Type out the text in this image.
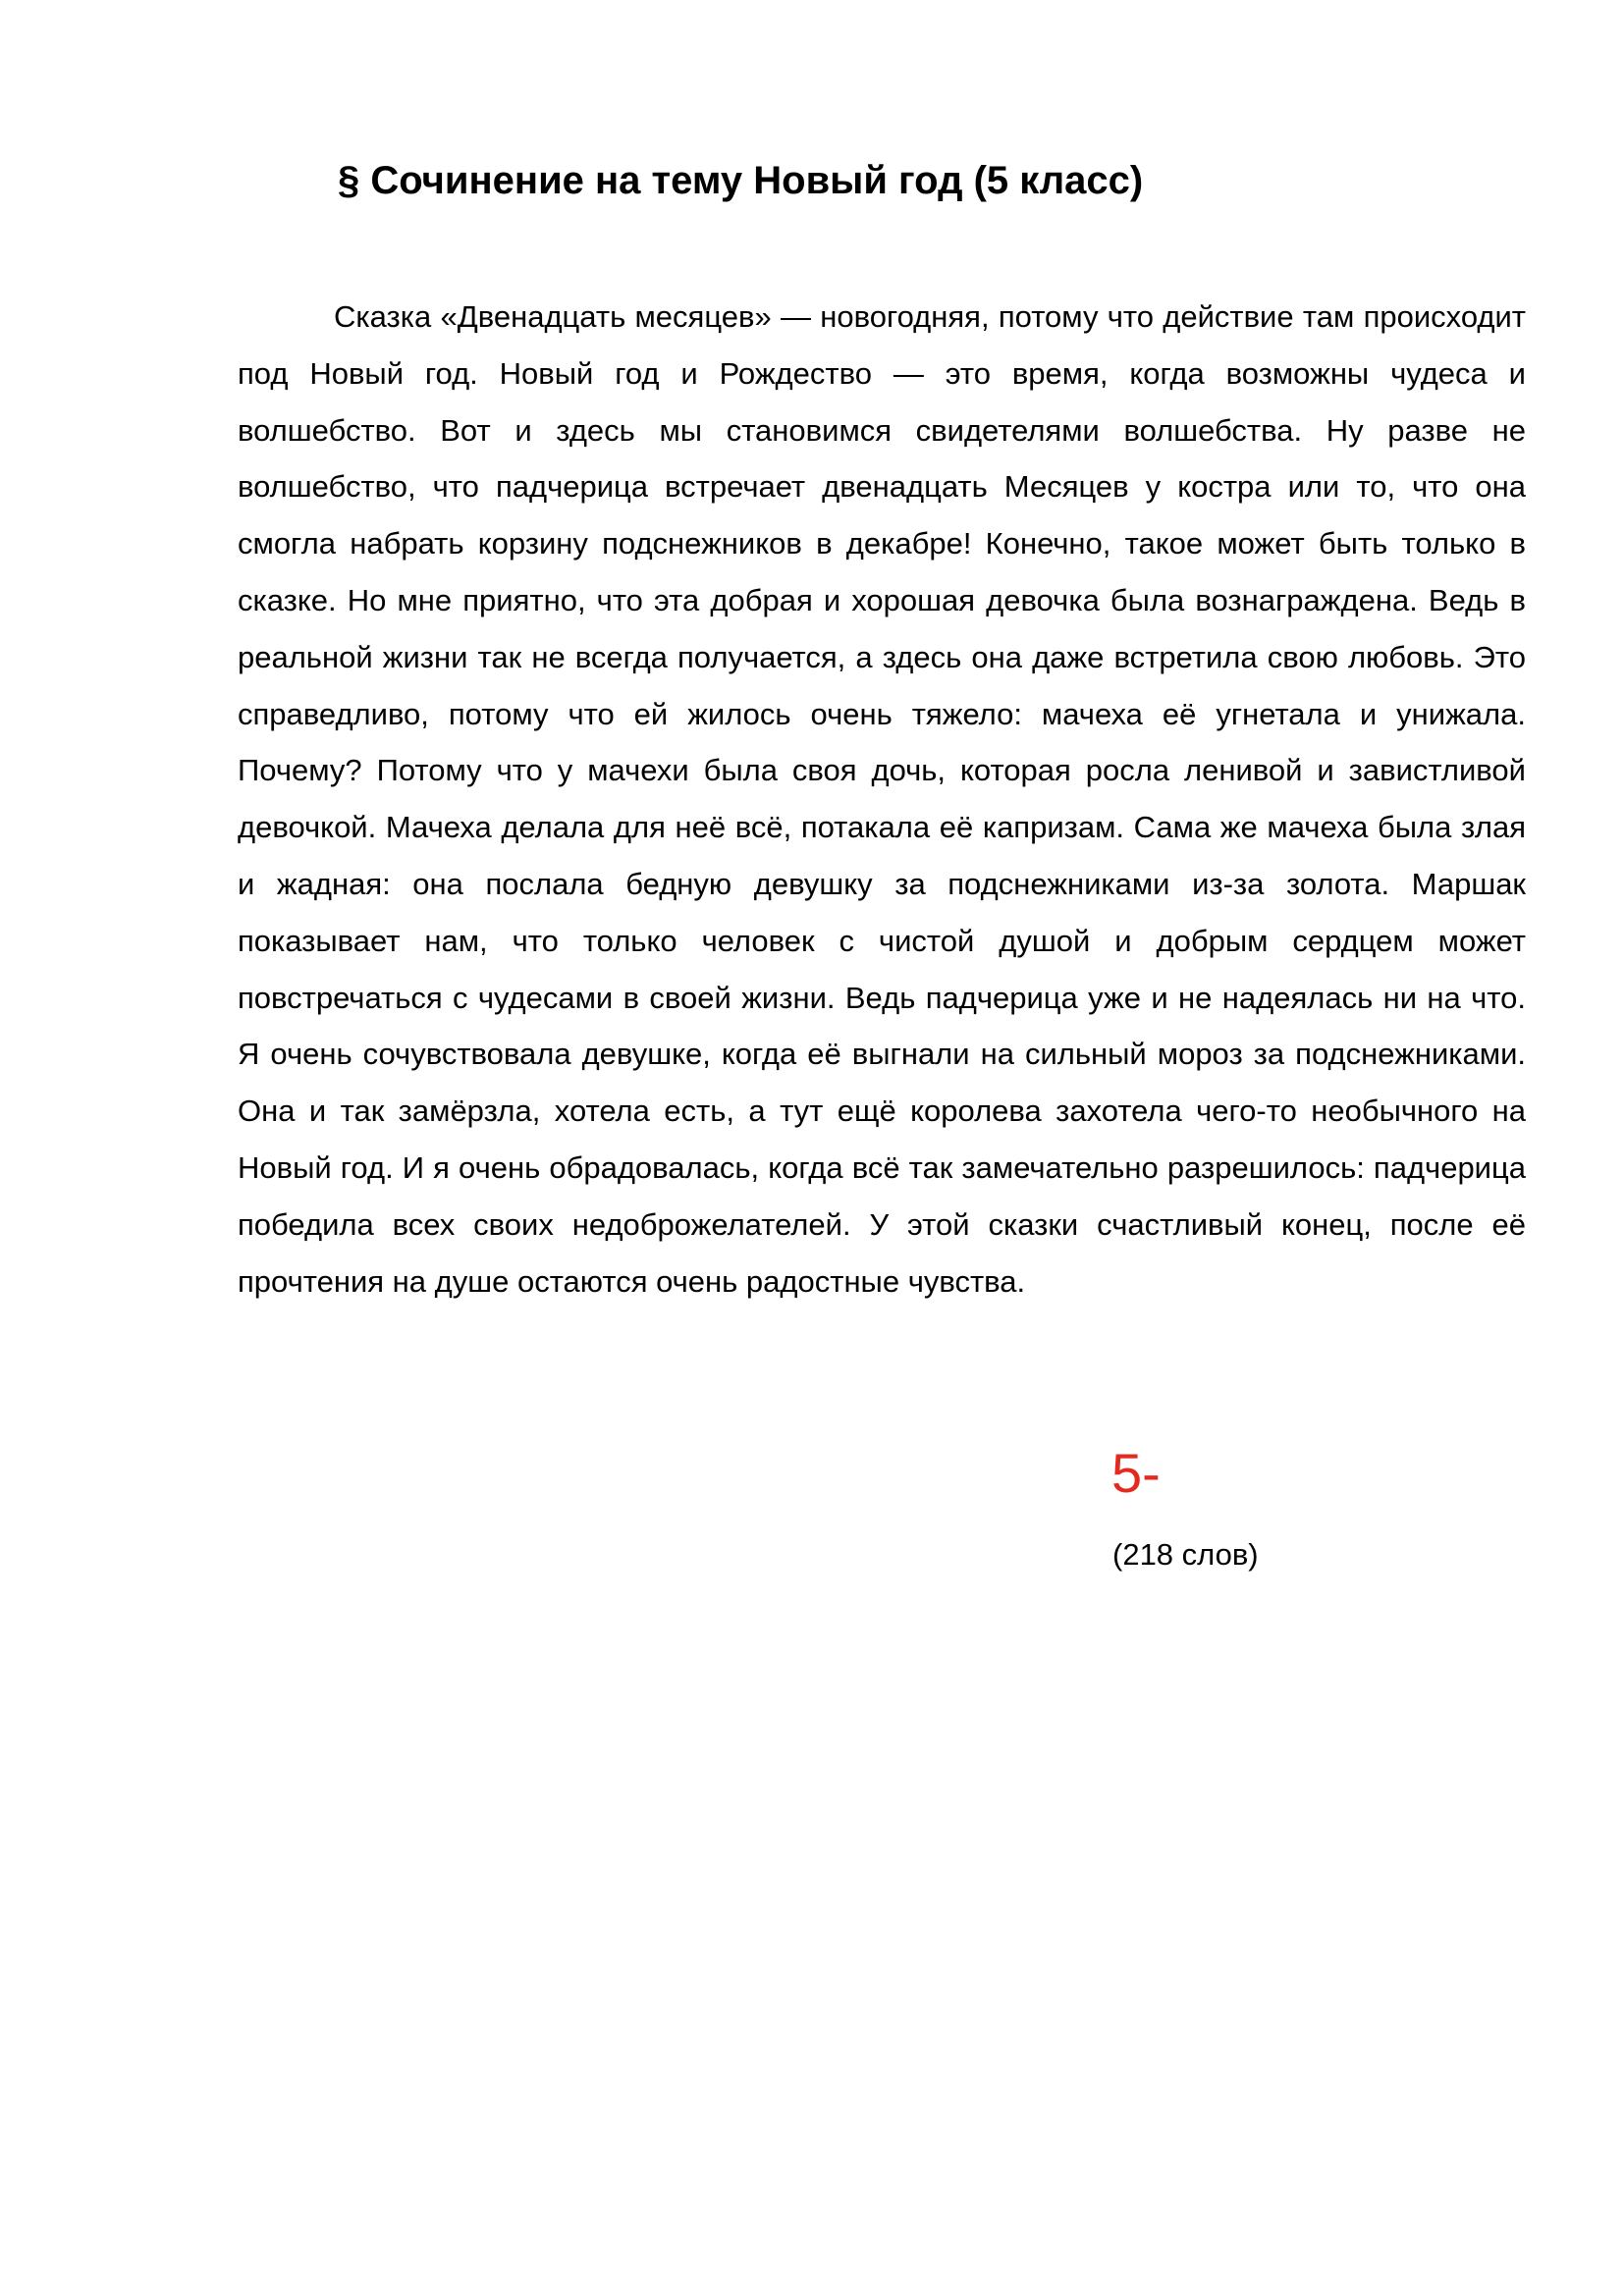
§ Сочинение на тему Новый год (5 класс)

Сказка «Двенадцать месяцев» — новогодняя, потому что действие там происходит под Новый год. Новый год и Рождество — это время, когда возможны чудеса и волшебство. Вот и здесь мы становимся свидетелями волшебства. Ну разве не волшебство, что падчерица встречает двенадцать Месяцев у костра или то, что она смогла набрать корзину подснежников в декабре! Конечно, такое может быть только в сказке. Но мне приятно, что эта добрая и хорошая девочка была вознаграждена. Ведь в реальной жизни так не всегда получается, а здесь она даже встретила свою любовь. Это справедливо, потому что ей жилось очень тяжело: мачеха её угнетала и унижала. Почему? Потому что у мачехи была своя дочь, которая росла ленивой и завистливой девочкой. Мачеха делала для неё всё, потакала её капризам. Сама же мачеха была злая и жадная: она послала бедную девушку за подснежниками из-за золота. Маршак показывает нам, что только человек с чистой душой и добрым сердцем может повстречаться с чудесами в своей жизни. Ведь падчерица уже и не надеялась ни на что. Я очень сочувствовала девушке, когда её выгнали на сильный мороз за подснежниками. Она и так замёрзла, хотела есть, а тут ещё королева захотела чего-то необычного на Новый год. И я очень обрадовалась, когда всё так замечательно разрешилось: падчерица победила всех своих недоброжелателей. У этой сказки счастливый конец, после её прочтения на душе остаются очень радостные чувства.

5-
(218 слов)
